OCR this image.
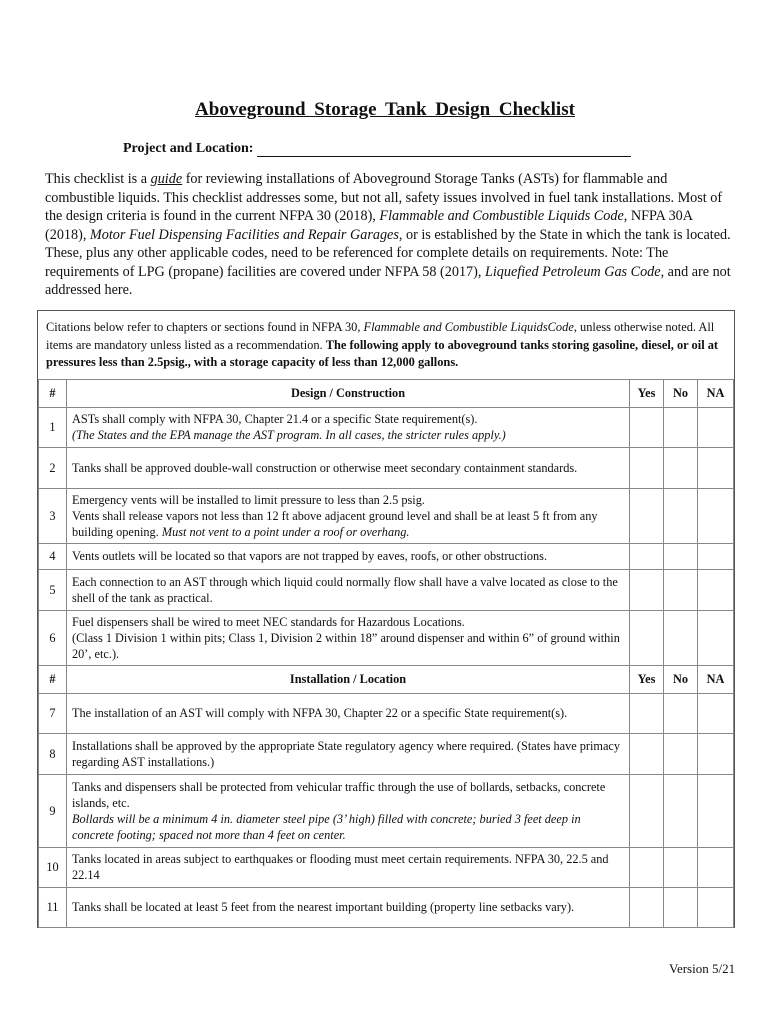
Aboveground Storage Tank Design Checklist
Project and Location:

This checklist is a guide for reviewing installations of Aboveground Storage Tanks (ASTs) for flammable and combustible liquids. This checklist addresses some, but not all, safety issues involved in fuel tank installations. Most of the design criteria is found in the current NFPA 30 (2018), Flammable and Combustible Liquids Code, NFPA 30A (2018), Motor Fuel Dispensing Facilities and Repair Garages, or is established by the State in which the tank is located. These, plus any other applicable codes, need to be referenced for complete details on requirements. Note: The requirements of LPG (propane) facilities are covered under NFPA 58 (2017), Liquefied Petroleum Gas Code, and are not addressed here.

Citations below refer to chapters or sections found in NFPA 30, Flammable and Combustible LiquidsCode, unless otherwise noted. All items are mandatory unless listed as a recommendation. The following apply to aboveground tanks storing gasoline, diesel, or oil at pressures less than 2.5psig., with a storage capacity of less than 12,000 gallons.
#	Design / Construction	Yes	No	NA
1	ASTs shall comply with NFPA 30, Chapter 21.4 or a specific State requirement(s).
(The States and the EPA manage the AST program. In all cases, the stricter rules apply.)			
2	Tanks shall be approved double-wall construction or otherwise meet secondary containment standards.			
3	Emergency vents will be installed to limit pressure to less than 2.5 psig.
Vents shall release vapors not less than 12 ft above adjacent ground level and shall be at least 5 ft from any building opening. Must not vent to a point under a roof or overhang.			
4	Vents outlets will be located so that vapors are not trapped by eaves, roofs, or other obstructions.			
5	Each connection to an AST through which liquid could normally flow shall have a valve located as close to the shell of the tank as practical.			
6	Fuel dispensers shall be wired to meet NEC standards for Hazardous Locations.
(Class 1 Division 1 within pits; Class 1, Division 2 within 18” around dispenser and within 6” of ground within 20’, etc.).			
#	Installation / Location	Yes	No	NA
7	The installation of an AST will comply with NFPA 30, Chapter 22 or a specific State requirement(s).			
8	Installations shall be approved by the appropriate State regulatory agency where required. (States have primacy regarding AST installations.)			
9	Tanks and dispensers shall be protected from vehicular traffic through the use of bollards, setbacks, concrete islands, etc.
Bollards will be a minimum 4 in. diameter steel pipe (3’ high) filled with concrete; buried 3 feet deep in concrete footing; spaced not more than 4 feet on center.			
10	Tanks located in areas subject to earthquakes or flooding must meet certain requirements. NFPA 30, 22.5 and 22.14			
11	Tanks shall be located at least 5 feet from the nearest important building (property line setbacks vary).			
Version 5/21
